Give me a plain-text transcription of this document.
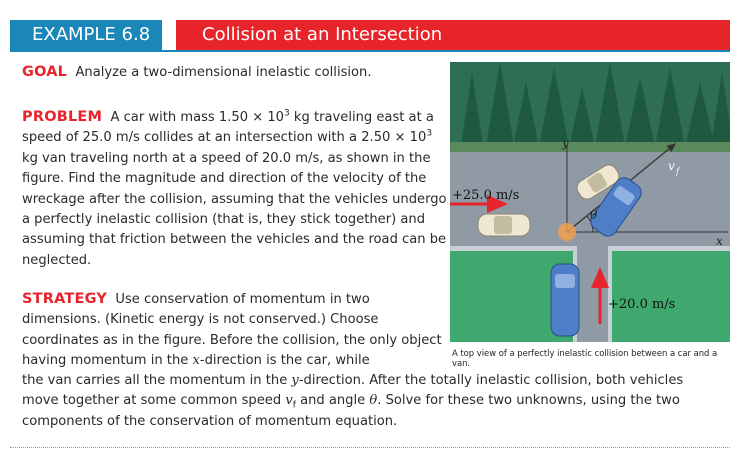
EXAMPLE 6.8	Collision at an Intersection
GOAL Analyze a two-dimensional inelastic collision.
PROBLEM A car with mass $1.50 \times 10^3$ kg traveling east at a speed of 25.0 m/s collides at an intersection with a $2.50 \times 10^3$ kg van traveling north at a speed of 20.0 m/s, as shown in the figure. Find the magnitude and direction of the velocity of the wreckage after the collision, assuming that the vehicles undergo a perfectly inelastic collision (that is, they stick together) and assuming that friction between the vehicles and the road can be neglected.
STRATEGY Use conservation of momentum in two dimensions. (Kinetic energy is not conserved.) Choose coordinates as in the figure. Before the collision, the only object having momentum in the x-direction is the car, while
the van carries all the momentum in the y-direction. After the totally inelastic collision, both vehicles move together at some common speed $v_f$ and angle θ. Solve for these two unknowns, using the two components of the conservation of momentum equation.
+25.0 m/s
+20.0 m/s
x
y
θ
v f
A top view of a perfectly inelastic collision between a car and a van.
